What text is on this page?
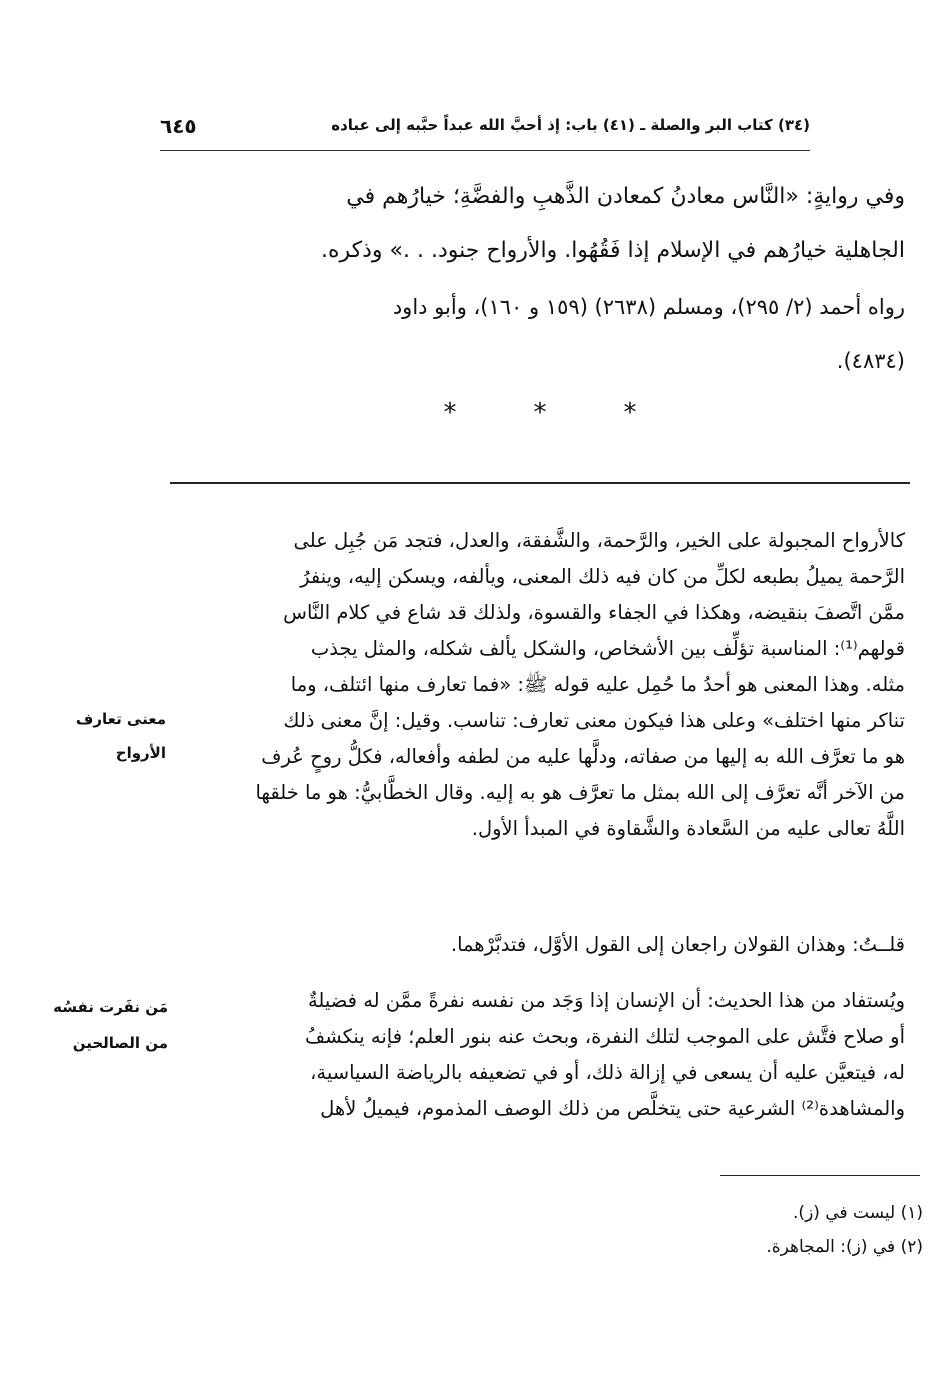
(٣٤) كتاب البر والصلة ـ (٤١) باب: إذ أحبَّ الله عبداً حبَّبه إلى عباده
٦٤٥
وفي روايةٍ: «النَّاس معادنُ كمعادن الذَّهبِ والفضَّةِ؛ خيارُهم في
الجاهلية خيارُهم في الإسلام إذا فَقُهُوا. والأرواح جنود. . .» وذكره.
رواه أحمد (٢/ ٢٩٥)، ومسلم (٢٦٣٨) (١٥٩ و ١٦٠)، وأبو داود
(٤٨٣٤).
*
*
*
كالأرواح المجبولة على الخير، والرَّحمة، والشَّفقة، والعدل، فتجد مَن جُبِل على
الرَّحمة يميلُ بطبعه لكلِّ من كان فيه ذلك المعنى، ويألفه، ويسكن إليه، وينفرُ
ممَّن اتَّصفَ بنقيضه، وهكذا في الجفاء والقسوة، ولذلك قد شاع في كلام النَّاس
قولهم⁽¹⁾: المناسبة تؤلِّف بين الأشخاص، والشكل يألف شكله، والمثل يجذب
مثله. وهذا المعنى هو أحدُ ما حُمِل عليه قوله ﷺ: «فما تعارف منها ائتلف، وما
تناكر منها اختلف» وعلى هذا فيكون معنى تعارف: تناسب. وقيل: إنَّ معنى ذلك
هو ما تعرَّف الله به إليها من صفاته، ودلَّها عليه من لطفه وأفعاله، فكلُّ روحٍ عُرف
من الآخر أنَّه تعرَّف إلى الله بمثل ما تعرَّف هو به إليه. وقال الخطَّابيُّ: هو ما خلقها
اللَّهُ تعالى عليه من السَّعادة والشَّقاوة في المبدأ الأول.
معنى تعارف
الأرواح
قلــتُ: وهذان القولان راجعان إلى القول الأوَّل، فتدبَّرْهما.
ويُستفاد من هذا الحديث: أن الإنسان إذا وَجَد من نفسه نفرةً ممَّن له فضيلةٌ
أو صلاح فتَّش على الموجب لتلك النفرة، وبحث عنه بنور العلم؛ فإنه ينكشفُ
له، فيتعيَّن عليه أن يسعى في إزالة ذلك، أو في تضعيفه بالرياضة السياسية،
والمشاهدة⁽²⁾ الشرعية حتى يتخلَّص من ذلك الوصف المذموم، فيميلُ لأهل
مَن نفَرت نفسُه
من الصالحين
(١) ليست في (ز).
(٢) في (ز): المجاهرة.
